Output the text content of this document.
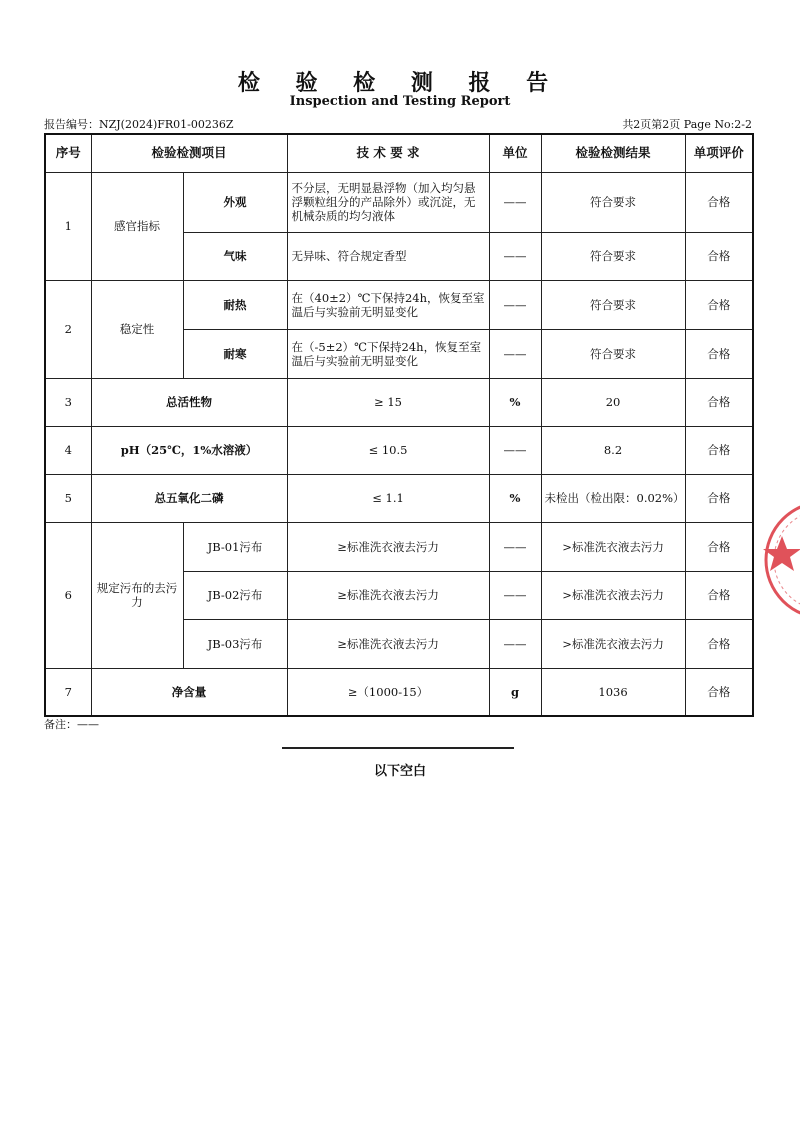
检 验 检 测 报 告
Inspection and Testing Report
报告编号：NZJ(2024)FR01-00236Z	共2页第2页 Page No:2-2
序号	检验检测项目		技 术 要 求	单位	检验检测结果	单项评价
1	感官指标	外观	不分层，无明显悬浮物（加入均匀悬浮颗粒组分的产品除外）或沉淀，无机械杂质的均匀液体	——	符合要求	合格
		气味	无异味、符合规定香型	——	符合要求	合格
2	稳定性	耐热	在（40±2）℃下保持24h，恢复至室温后与实验前无明显变化	——	符合要求	合格
		耐寒	在（-5±2）℃下保持24h，恢复至室温后与实验前无明显变化	——	符合要求	合格
3	总活性物		≥ 15	%	20	合格
4	pH（25℃，1%水溶液）		≤ 10.5	——	8.2	合格
5	总五氧化二磷		≤ 1.1	%	未检出（检出限：0.02%）	合格
6	规定污布的去污力	JB-01污布	≥标准洗衣液去污力	——	>标准洗衣液去污力	合格
		JB-02污布	≥标准洗衣液去污力	——	>标准洗衣液去污力	合格
		JB-03污布	≥标准洗衣液去污力	——	>标准洗衣液去污力	合格
7	净含量		≥（1000-15）	g	1036	合格
备注：——
以下空白
